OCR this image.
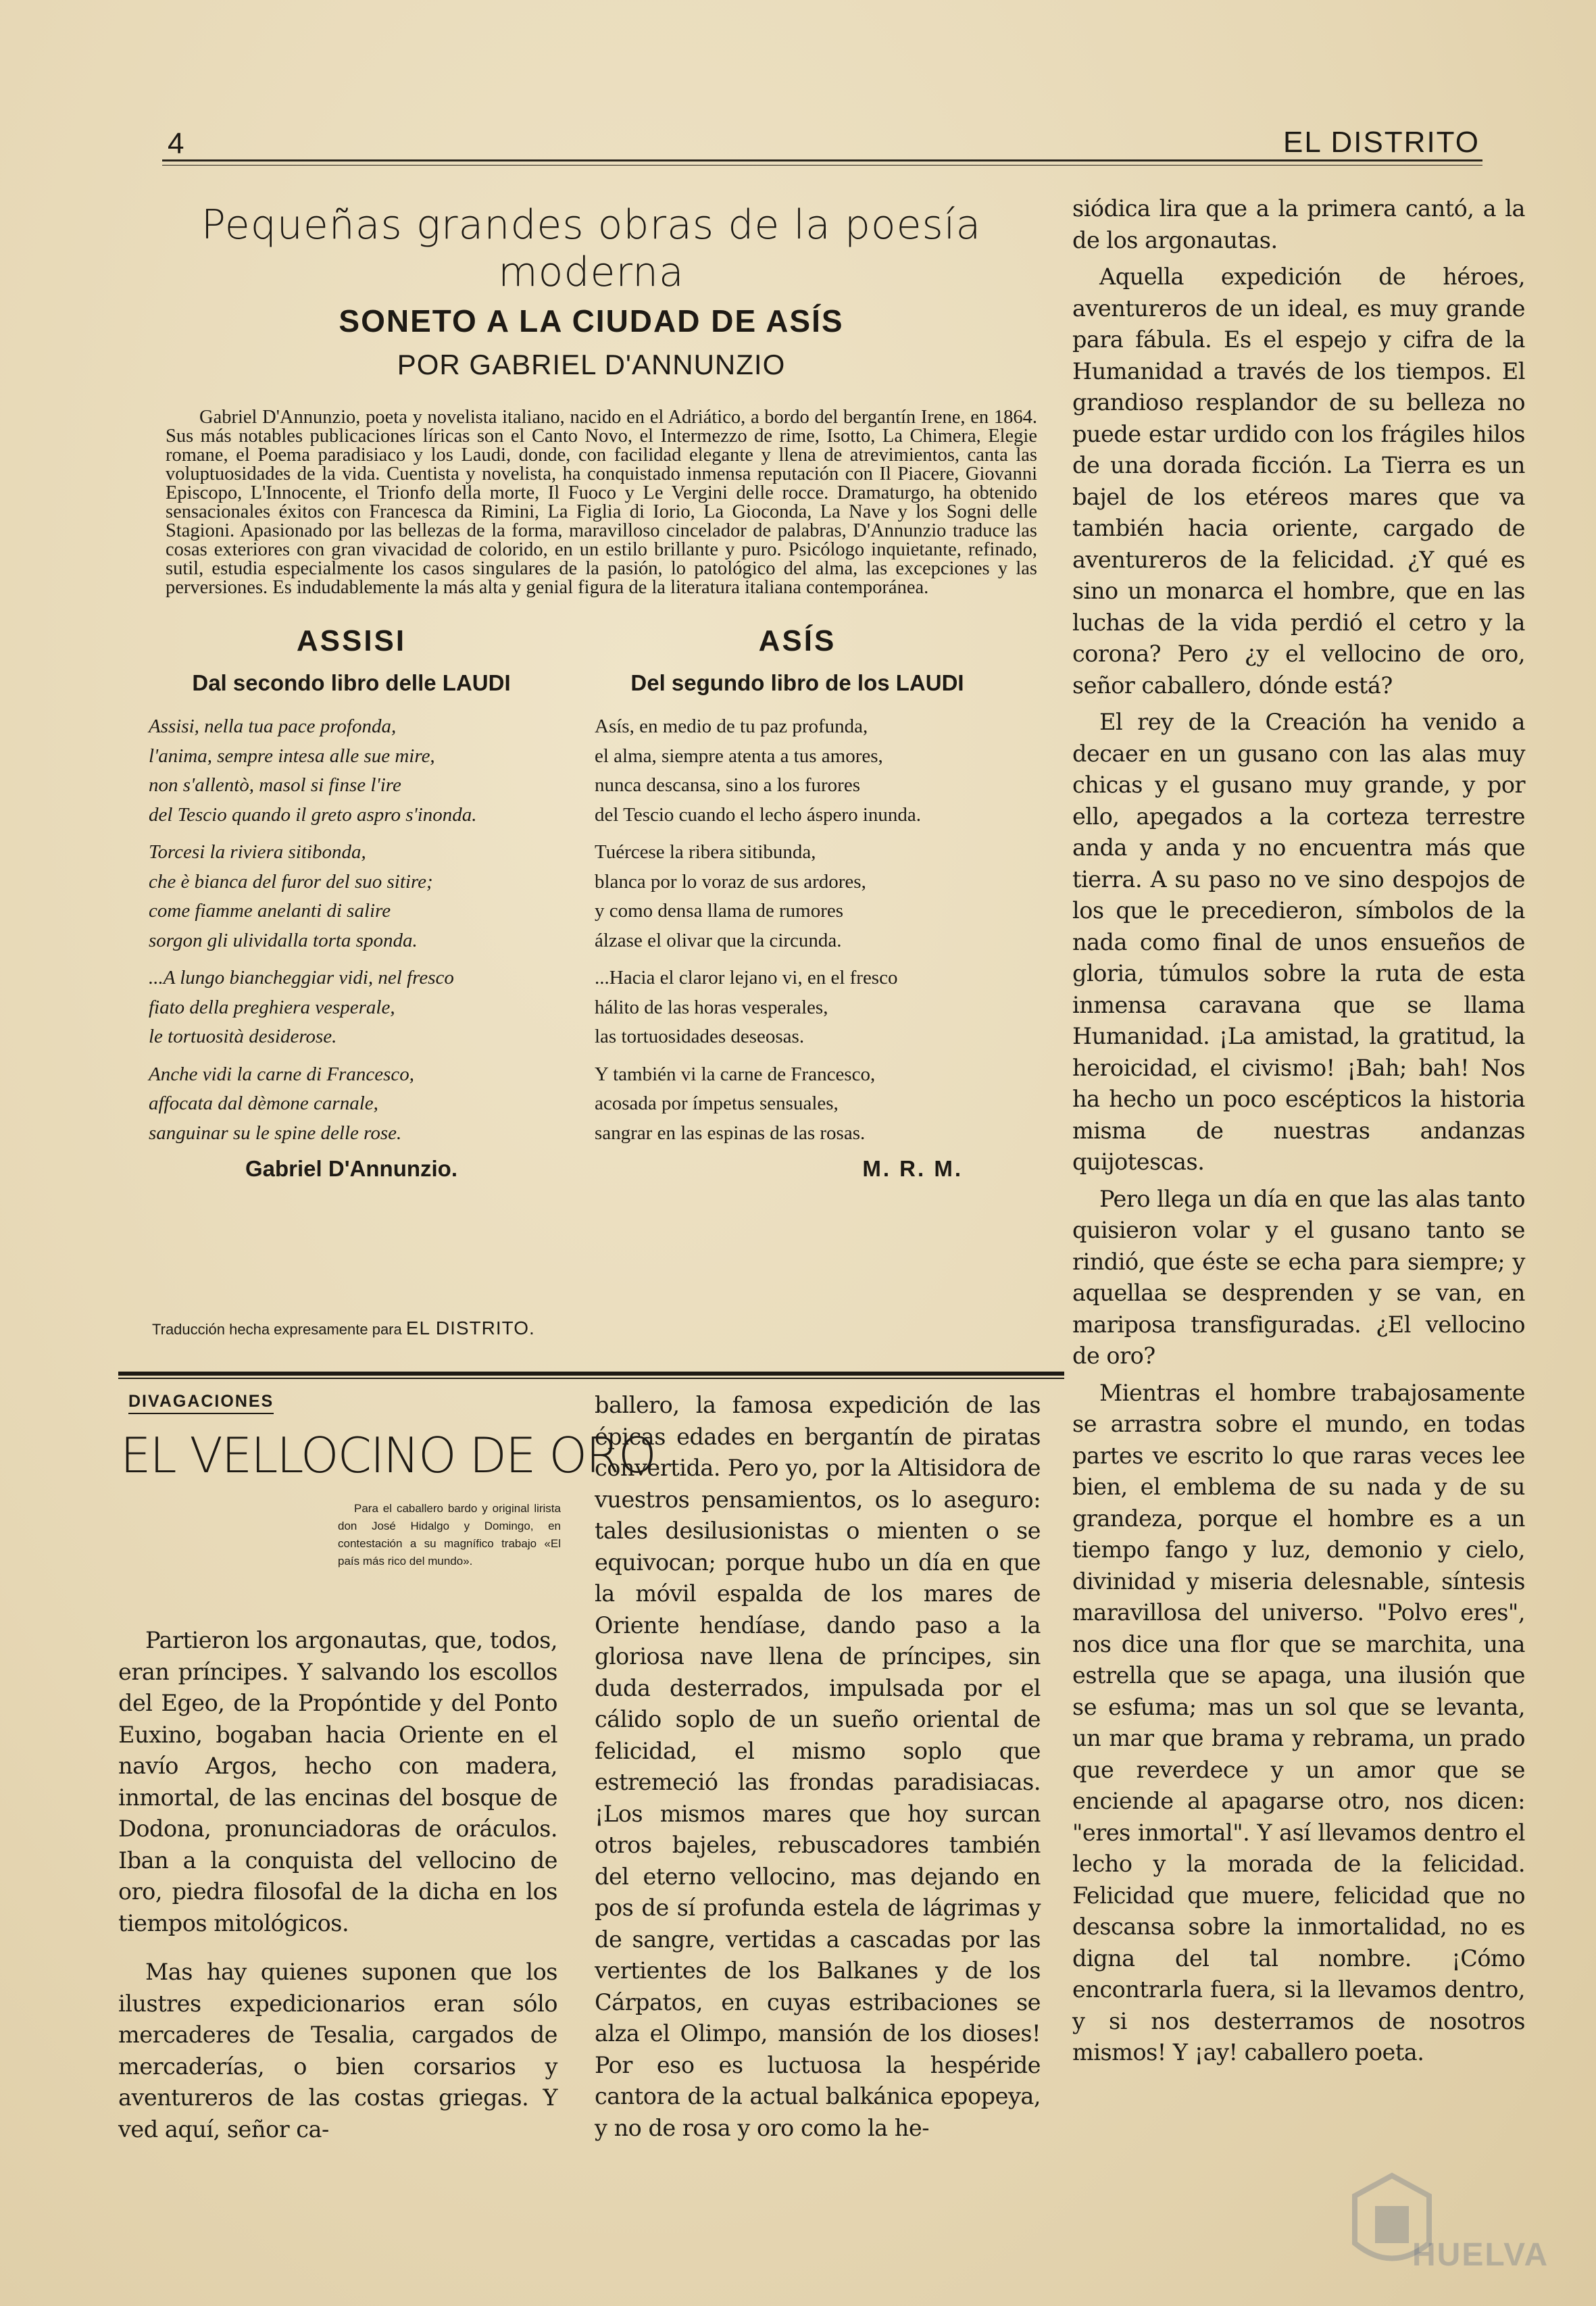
4	EL DISTRITO
Pequeñas grandes obras de la poesía moderna
SONETO A LA CIUDAD DE ASÍS
POR GABRIEL D'ANNUNZIO
Gabriel D'Annunzio, poeta y novelista italiano, nacido en el Adriático, a bordo del bergantín Irene, en 1864. Sus más notables publicaciones líricas son el Canto Novo, el Intermezzo de rime, Isotto, La Chimera, Elegie romane, el Poema paradisiaco y los Laudi, donde, con facilidad elegante y llena de atrevimientos, canta las voluptuosidades de la vida. Cuentista y novelista, ha conquistado inmensa reputación con Il Piacere, Giovanni Episcopo, L'Innocente, el Trionfo della morte, Il Fuoco y Le Vergini delle rocce. Dramaturgo, ha obtenido sensacionales éxitos con Francesca da Rimini, La Figlia di Iorio, La Gioconda, La Nave y los Sogni delle Stagioni. Apasionado por las bellezas de la forma, maravilloso cincelador de palabras, D'Annunzio traduce las cosas exteriores con gran vivacidad de colorido, en un estilo brillante y puro. Psicólogo inquietante, refinado, sutil, estudia especialmente los casos singulares de la pasión, lo patológico del alma, las excepciones y las perversiones. Es indudablemente la más alta y genial figura de la literatura italiana contemporánea.
ASSISI
Dal secondo libro delle LAUDI
Assisi, nella tua pace profonda,
l'anima, sempre intesa alle sue mire,
non s'allentò, masol si finse l'ire
del Tescio quando il greto aspro s'inonda.
Torcesi la riviera sitibonda,
che è bianca del furor del suo sitire;
come fiamme anelanti di salire
sorgon gli ulividalla torta sponda.
...A lungo biancheggiar vidi, nel fresco
fiato della preghiera vesperale,
le tortuosità desiderose.
Anche vidi la carne di Francesco,
affocata dal dèmone carnale,
sanguinar su le spine delle rose.
Gabriel D'Annunzio.
ASÍS
Del segundo libro de los LAUDI
Asís, en medio de tu paz profunda,
el alma, siempre atenta a tus amores,
nunca descansa, sino a los furores
del Tescio cuando el lecho áspero inunda.
Tuércese la ribera sitibunda,
blanca por lo voraz de sus ardores,
y como densa llama de rumores
álzase el olivar que la circunda.
...Hacia el claror lejano vi, en el fresco
hálito de las horas vesperales,
las tortuosidades deseosas.
Y también vi la carne de Francesco,
acosada por ímpetus sensuales,
sangrar en las espinas de las rosas.
M. R. M.
Traducción hecha expresamente para EL DISTRITO.
DIVAGACIONES
EL VELLOCINO DE ORO
Para el caballero bardo y original lirista don José Hidalgo y Domingo, en contestación a su magnífico trabajo «El país más rico del mundo».

Partieron los argonautas, que, todos, eran príncipes. Y salvando los escollos del Egeo, de la Propóntide y del Ponto Euxino, bogaban hacia Oriente en el navío Argos, hecho con madera, inmortal, de las encinas del bosque de Dodona, pronunciadoras de oráculos. Iban a la conquista del vellocino de oro, piedra filosofal de la dicha en los tiempos mitológicos.

Mas hay quienes suponen que los ilustres expedicionarios eran sólo mercaderes de Tesalia, cargados de mercaderías, o bien corsarios y aventureros de las costas griegas. Y ved aquí, señor ca-

ballero, la famosa expedición de las épicas edades en bergantín de piratas convertida. Pero yo, por la Altisidora de vuestros pensamientos, os lo aseguro: tales desilusionistas o mienten o se equivocan; porque hubo un día en que la móvil espalda de los mares de Oriente hendíase, dando paso a la gloriosa nave llena de príncipes, sin duda desterrados, impulsada por el cálido soplo de un sueño oriental de felicidad, el mismo soplo que estremeció las frondas paradisiacas. ¡Los mismos mares que hoy surcan otros bajeles, rebuscadores también del eterno vellocino, mas dejando en pos de sí profunda estela de lágrimas y de sangre, vertidas a cascadas por las vertientes de los Balkanes y de los Cárpatos, en cuyas estribaciones se alza el Olimpo, mansión de los dioses! Por eso es luctuosa la hespéride cantora de la actual balkánica epopeya, y no de rosa y oro como la he-

siódica lira que a la primera cantó, a la de los argonautas.

Aquella expedición de héroes, aventureros de un ideal, es muy grande para fábula. Es el espejo y cifra de la Humanidad a través de los tiempos. El grandioso resplandor de su belleza no puede estar urdido con los frágiles hilos de una dorada ficción. La Tierra es un bajel de los etéreos mares que va también hacia oriente, cargado de aventureros de la felicidad. ¿Y qué es sino un monarca el hombre, que en las luchas de la vida perdió el cetro y la corona? Pero ¿y el vellocino de oro, señor caballero, dónde está?

El rey de la Creación ha venido a decaer en un gusano con las alas muy chicas y el gusano muy grande, y por ello, apegados a la corteza terrestre anda y anda y no encuentra más que tierra. A su paso no ve sino despojos de los que le precedieron, símbolos de la nada como final de unos ensueños de gloria, túmulos sobre la ruta de esta inmensa caravana que se llama Humanidad. ¡La amistad, la gratitud, la heroicidad, el civismo! ¡Bah; bah! Nos ha hecho un poco escépticos la historia misma de nuestras andanzas quijotescas.

Pero llega un día en que las alas tanto quisieron volar y el gusano tanto se rindió, que éste se echa para siempre; y aquellaa se desprenden y se van, en mariposa transfiguradas. ¿El vellocino de oro?

Mientras el hombre trabajosamente se arrastra sobre el mundo, en todas partes ve escrito lo que raras veces lee bien, el emblema de su nada y de su grandeza, porque el hombre es a un tiempo fango y luz, demonio y cielo, divinidad y miseria delesnable, síntesis maravillosa del universo. "Polvo eres", nos dice una flor que se marchita, una estrella que se apaga, una ilusión que se esfuma; mas un sol que se levanta, un mar que brama y rebrama, un prado que reverdece y un amor que se enciende al apagarse otro, nos dicen: "eres inmortal". Y así llevamos dentro el lecho y la morada de la felicidad. Felicidad que muere, felicidad que no descansa sobre la inmortalidad, no es digna del tal nombre. ¡Cómo encontrarla fuera, si la llevamos dentro, y si nos desterramos de nosotros mismos! Y ¡ay! caballero poeta.

HUELVA
